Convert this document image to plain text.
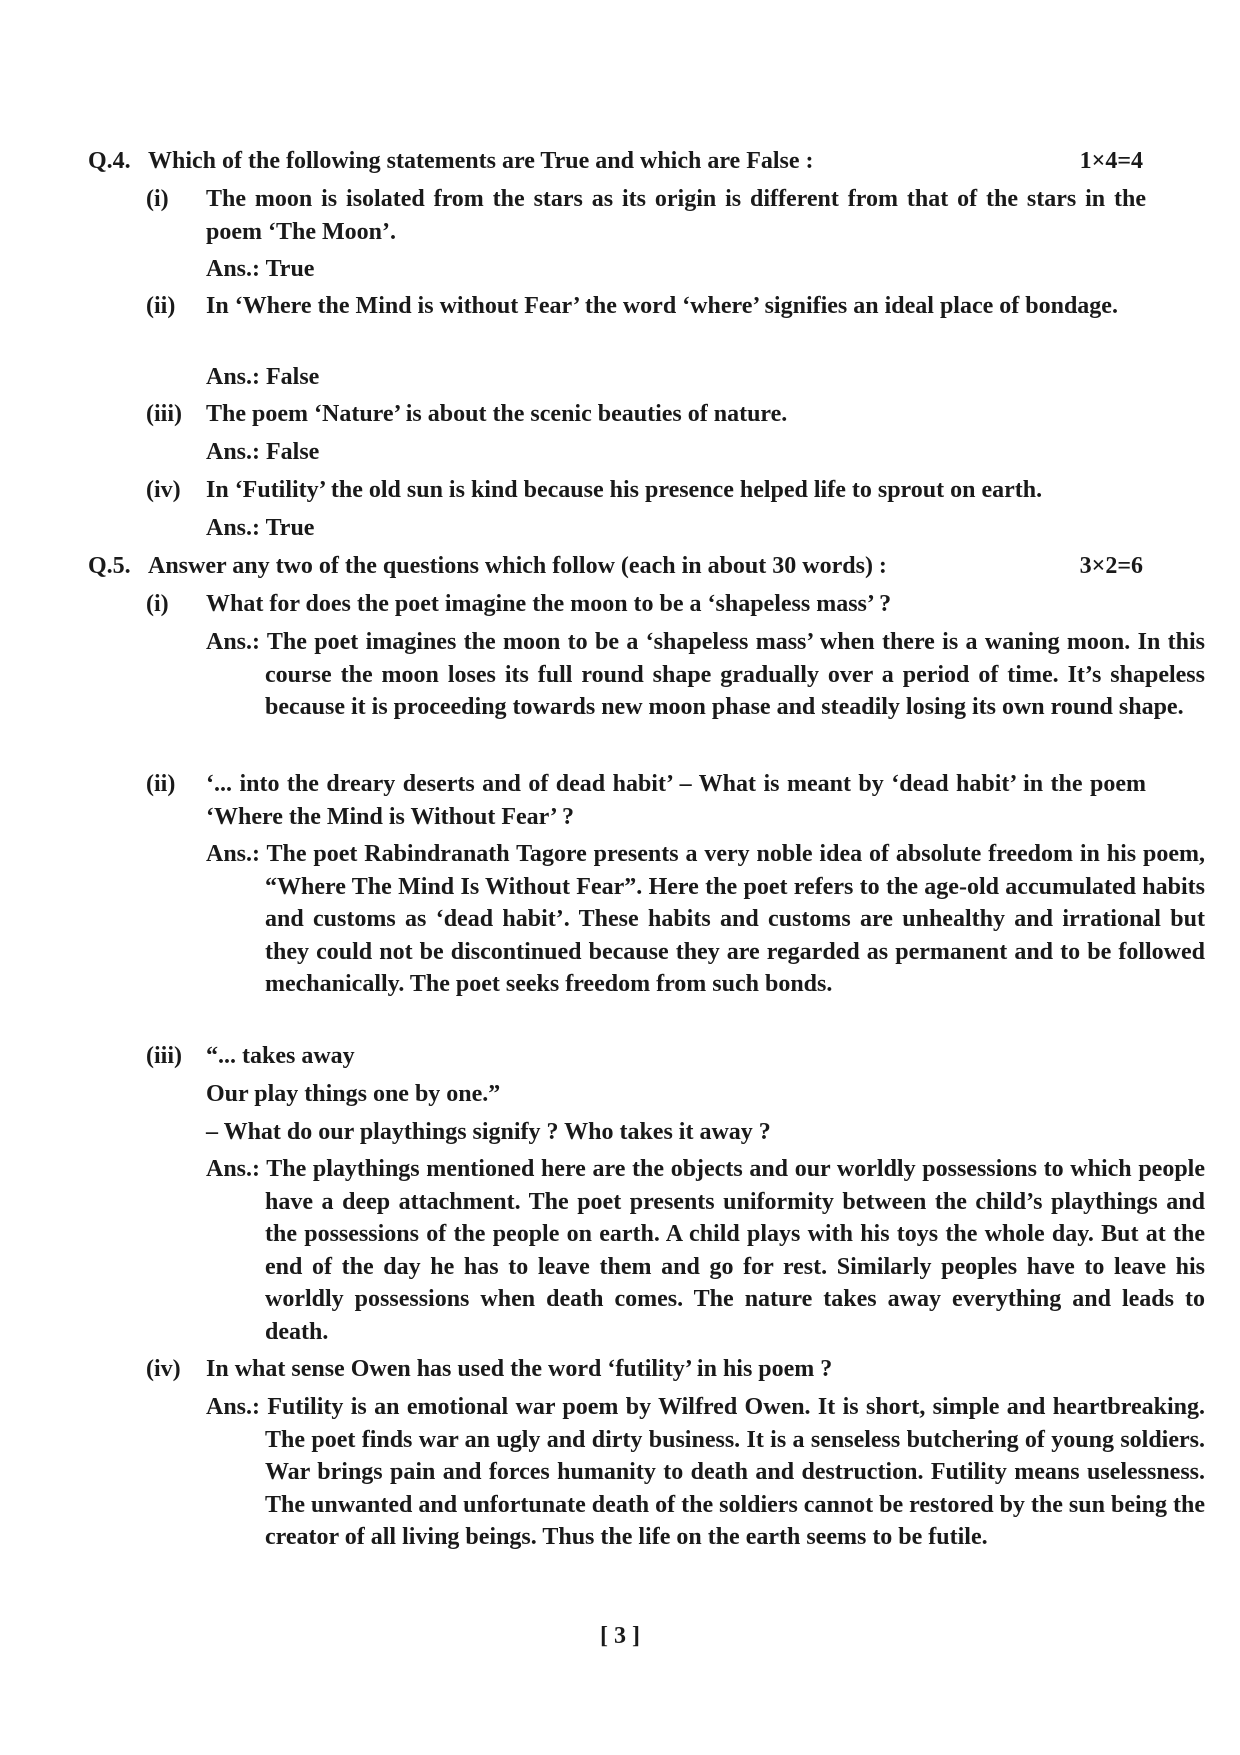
Q.4. Which of the following statements are True and which are False :	1×4=4
(i)	The moon is isolated from the stars as its origin is different from that of the stars in the poem ‘The Moon’.
Ans.: True
(ii)	In ‘Where the Mind is without Fear’ the word ‘where’ signifies an ideal place of bondage.
Ans.: False
(iii)	The poem ‘Nature’ is about the scenic beauties of nature.
Ans.: False
(iv)	In ‘Futility’ the old sun is kind because his presence helped life to sprout on earth.
Ans.: True
Q.5. Answer any two of the questions which follow (each in about 30 words) :	3×2=6
(i)	What for does the poet imagine the moon to be a ‘shapeless mass’ ?
Ans.: The poet imagines the moon to be a ‘shapeless mass’ when there is a waning moon. In this course the moon loses its full round shape gradually over a period of time. It’s shapeless because it is proceeding towards new moon phase and steadily losing its own round shape.
(ii)	‘... into the dreary deserts and of dead habit’ – What is meant by ‘dead habit’ in the poem ‘Where the Mind is Without Fear’ ?
Ans.: The poet Rabindranath Tagore presents a very noble idea of absolute freedom in his poem, “Where The Mind Is Without Fear”. Here the poet refers to the age-old accumulated habits and customs as ‘dead habit’. These habits and customs are unhealthy and irrational but they could not be discontinued because they are regarded as permanent and to be followed mechanically. The poet seeks freedom from such bonds.
(iii)	“... takes away
Our play things one by one.”
– What do our playthings signify ? Who takes it away ?
Ans.: The playthings mentioned here are the objects and our worldly possessions to which people have a deep attachment. The poet presents uniformity between the child’s playthings and the possessions of the people on earth. A child plays with his toys the whole day. But at the end of the day he has to leave them and go for rest. Similarly peoples have to leave his worldly possessions when death comes. The nature takes away everything and leads to death.
(iv)	In what sense Owen has used the word ‘futility’ in his poem ?
Ans.: Futility is an emotional war poem by Wilfred Owen. It is short, simple and heartbreaking. The poet finds war an ugly and dirty business. It is a senseless butchering of young soldiers. War brings pain and forces humanity to death and destruction. Futility means uselessness. The unwanted and unfortunate death of the soldiers cannot be restored by the sun being the creator of all living beings. Thus the life on the earth seems to be futile.
[ 3 ]
